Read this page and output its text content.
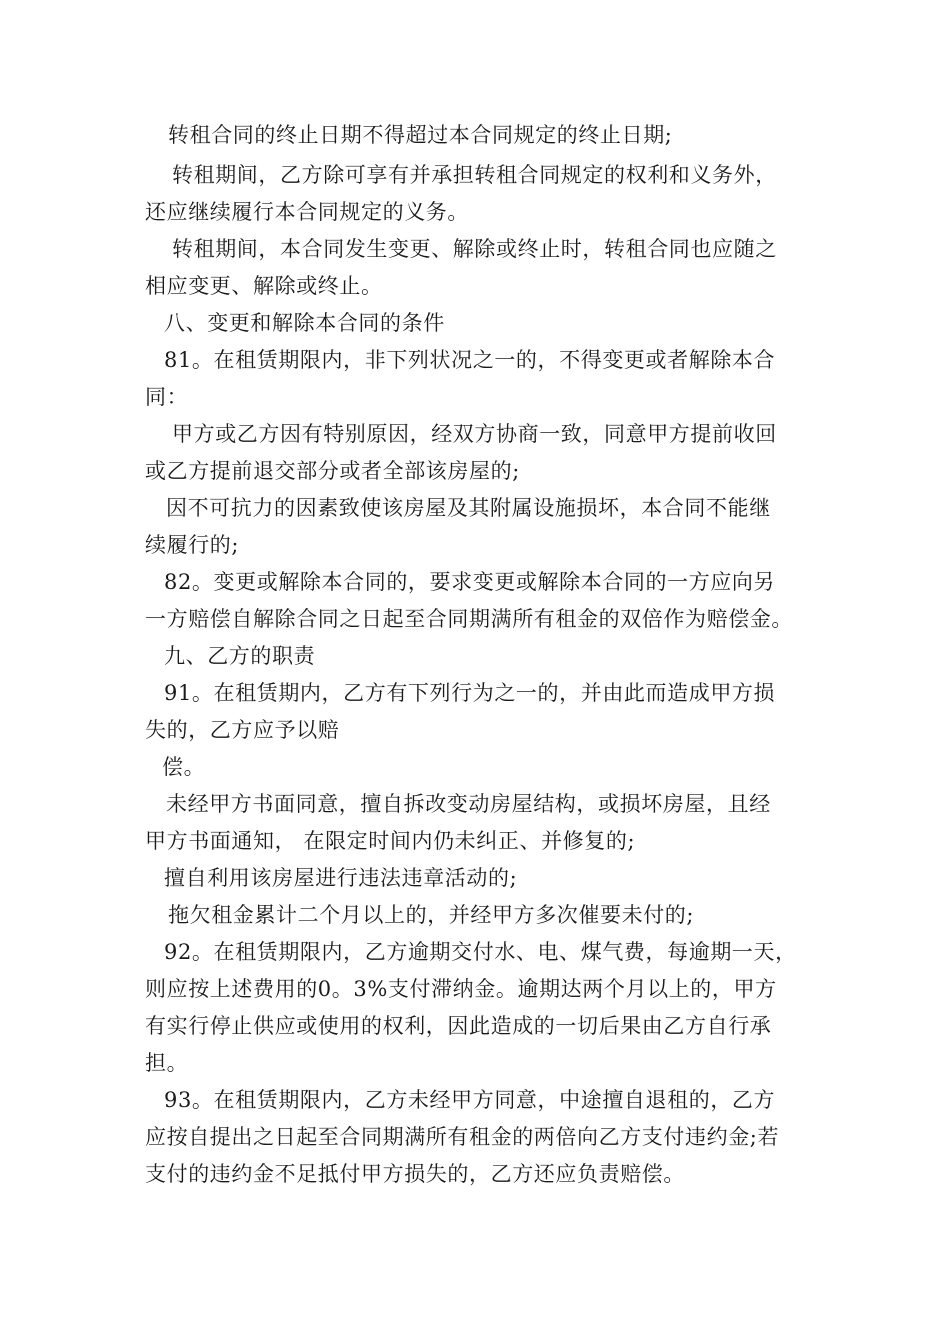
转租合同的终止日期不得超过本合同规定的终止日期;
转租期间，乙方除可享有并承担转租合同规定的权利和义务外，
还应继续履行本合同规定的义务。
转租期间，本合同发生变更、解除或终止时，转租合同也应随之
相应变更、解除或终止。
八、变更和解除本合同的条件
81。在租赁期限内，非下列状况之一的，不得变更或者解除本合
同：
甲方或乙方因有特别原因，经双方协商一致，同意甲方提前收回
或乙方提前退交部分或者全部该房屋的;
因不可抗力的因素致使该房屋及其附属设施损坏，本合同不能继
续履行的;
82。变更或解除本合同的，要求变更或解除本合同的一方应向另
一方赔偿自解除合同之日起至合同期满所有租金的双倍作为赔偿金。
九、乙方的职责
91。在租赁期内，乙方有下列行为之一的，并由此而造成甲方损
失的，乙方应予以赔
偿。
未经甲方书面同意，擅自拆改变动房屋结构，或损坏房屋，且经
甲方书面通知， 在限定时间内仍未纠正、并修复的;
擅自利用该房屋进行违法违章活动的;
拖欠租金累计二个月以上的，并经甲方多次催要未付的;
92。在租赁期限内，乙方逾期交付水、电、煤气费，每逾期一天，
则应按上述费用的0。3%支付滞纳金。逾期达两个月以上的，甲方
有实行停止供应或使用的权利，因此造成的一切后果由乙方自行承
担。
93。在租赁期限内，乙方未经甲方同意，中途擅自退租的，乙方
应按自提出之日起至合同期满所有租金的两倍向乙方支付违约金;若
支付的违约金不足抵付甲方损失的，乙方还应负责赔偿。
